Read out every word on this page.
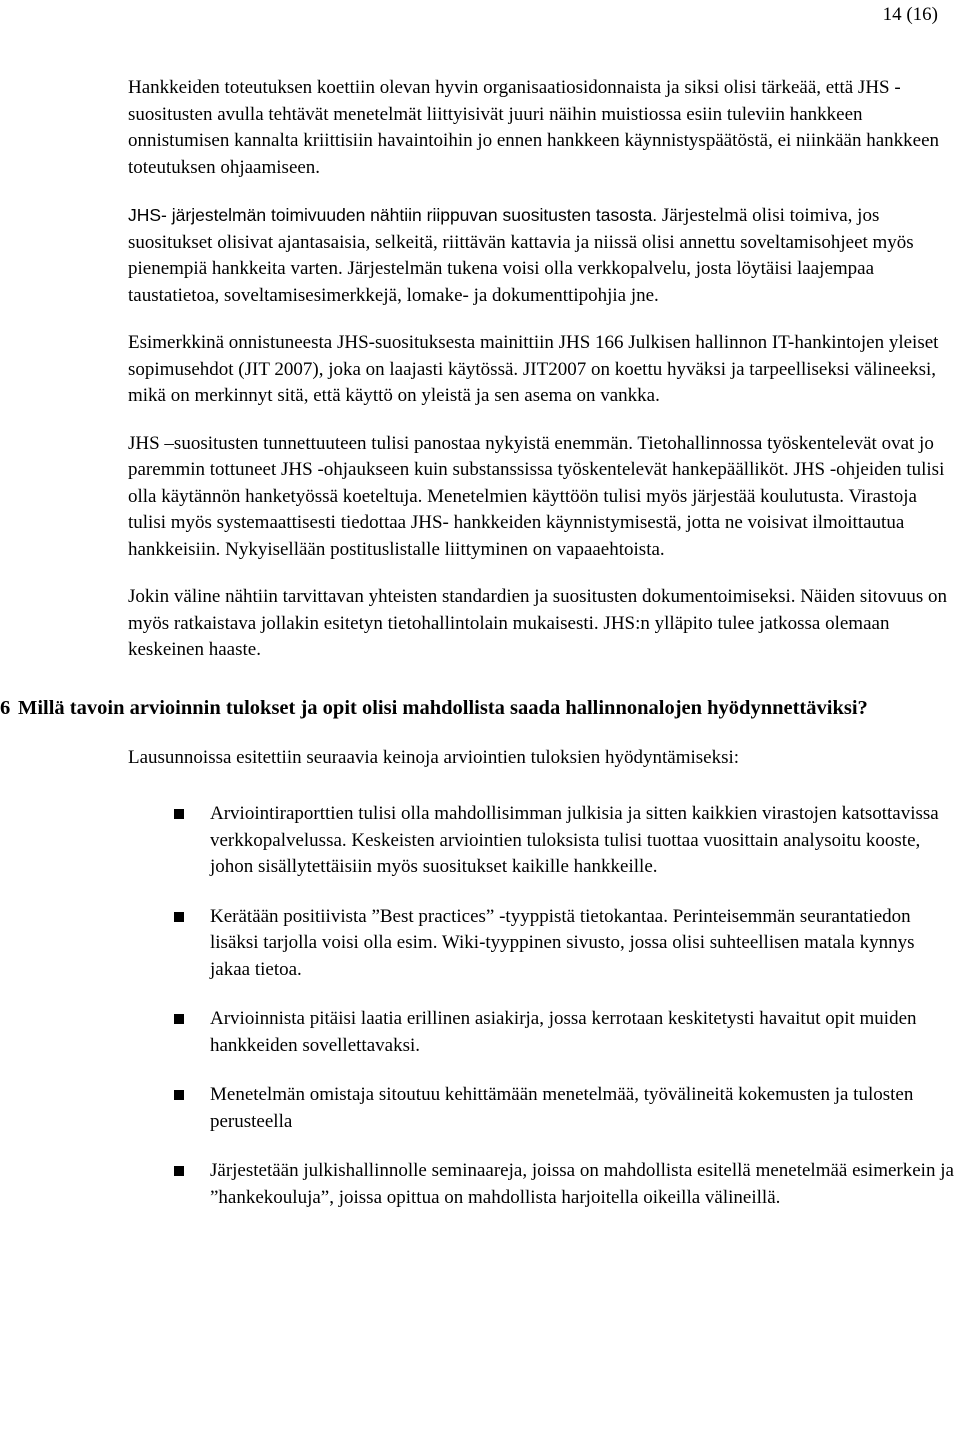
14 (16)

Hankkeiden toteutuksen koettiin olevan hyvin organisaatiosidonnaista ja siksi olisi tärkeää, että JHS -suositusten avulla tehtävät menetelmät liittyisivät juuri näihin muistiossa esiin tuleviin hankkeen onnistumisen kannalta kriittisiin havaintoihin jo ennen hankkeen käynnistyspäätöstä, ei niinkään hankkeen toteutuksen ohjaamiseen.

JHS- järjestelmän toimivuuden nähtiin riippuvan suositusten tasosta. Järjestelmä olisi toimiva, jos suositukset olisivat ajantasaisia, selkeitä, riittävän kattavia ja niissä olisi annettu soveltamisohjeet myös pienempiä hankkeita varten. Järjestelmän tukena voisi olla verkkopalvelu, josta löytäisi laajempaa taustatietoa, soveltamisesimerkkejä, lomake- ja dokumenttipohjia jne.

Esimerkkinä onnistuneesta JHS-suosituksesta mainittiin JHS 166 Julkisen hallinnon IT-hankintojen yleiset sopimusehdot (JIT 2007), joka on laajasti käytössä. JIT2007 on koettu hyväksi ja tarpeelliseksi välineeksi, mikä on merkinnyt sitä, että käyttö on yleistä ja sen asema on vankka.

JHS –suositusten tunnettuuteen tulisi panostaa nykyistä enemmän. Tietohallinnossa työskentelevät ovat jo paremmin tottuneet JHS -ohjaukseen kuin substanssissa työskentelevät hankepäälliköt. JHS -ohjeiden tulisi olla käytännön hanketyössä koeteltuja. Menetelmien käyttöön tulisi myös järjestää koulutusta. Virastoja tulisi myös systemaattisesti tiedottaa JHS- hankkeiden käynnistymisestä, jotta ne voisivat ilmoittautua hankkeisiin. Nykyisellään postituslistalle liittyminen on vapaaehtoista.

Jokin väline nähtiin tarvittavan yhteisten standardien ja suositusten dokumentoimiseksi. Näiden sitovuus on myös ratkaistava jollakin esitetyn tietohallintolain mukaisesti. JHS:n ylläpito tulee jatkossa olemaan keskeinen haaste.

6 Millä tavoin arvioinnin tulokset ja opit olisi mahdollista saada hallinnonalojen hyödynnettäviksi?

Lausunnoissa esitettiin seuraavia keinoja arviointien tuloksien hyödyntämiseksi:

Arviointiraporttien tulisi olla mahdollisimman julkisia ja sitten kaikkien virastojen katsottavissa verkkopalvelussa. Keskeisten arviointien tuloksista tulisi tuottaa vuosittain analysoitu kooste, johon sisällytettäisiin myös suositukset kaikille hankkeille.
Kerätään positiivista ”Best practices” -tyyppistä tietokantaa. Perinteisemmän seurantatiedon lisäksi tarjolla voisi olla esim. Wiki-tyyppinen sivusto, jossa olisi suhteellisen matala kynnys jakaa tietoa.
Arvioinnista pitäisi laatia erillinen asiakirja, jossa kerrotaan keskitetysti havaitut opit muiden hankkeiden sovellettavaksi.
Menetelmän omistaja sitoutuu kehittämään menetelmää, työvälineitä kokemusten ja tulosten perusteella
Järjestetään julkishallinnolle seminaareja, joissa on mahdollista esitellä menetelmää esimerkein ja ”hankekoulujа”, joissa opittua on mahdollista harjoitella oikeilla välineillä.
